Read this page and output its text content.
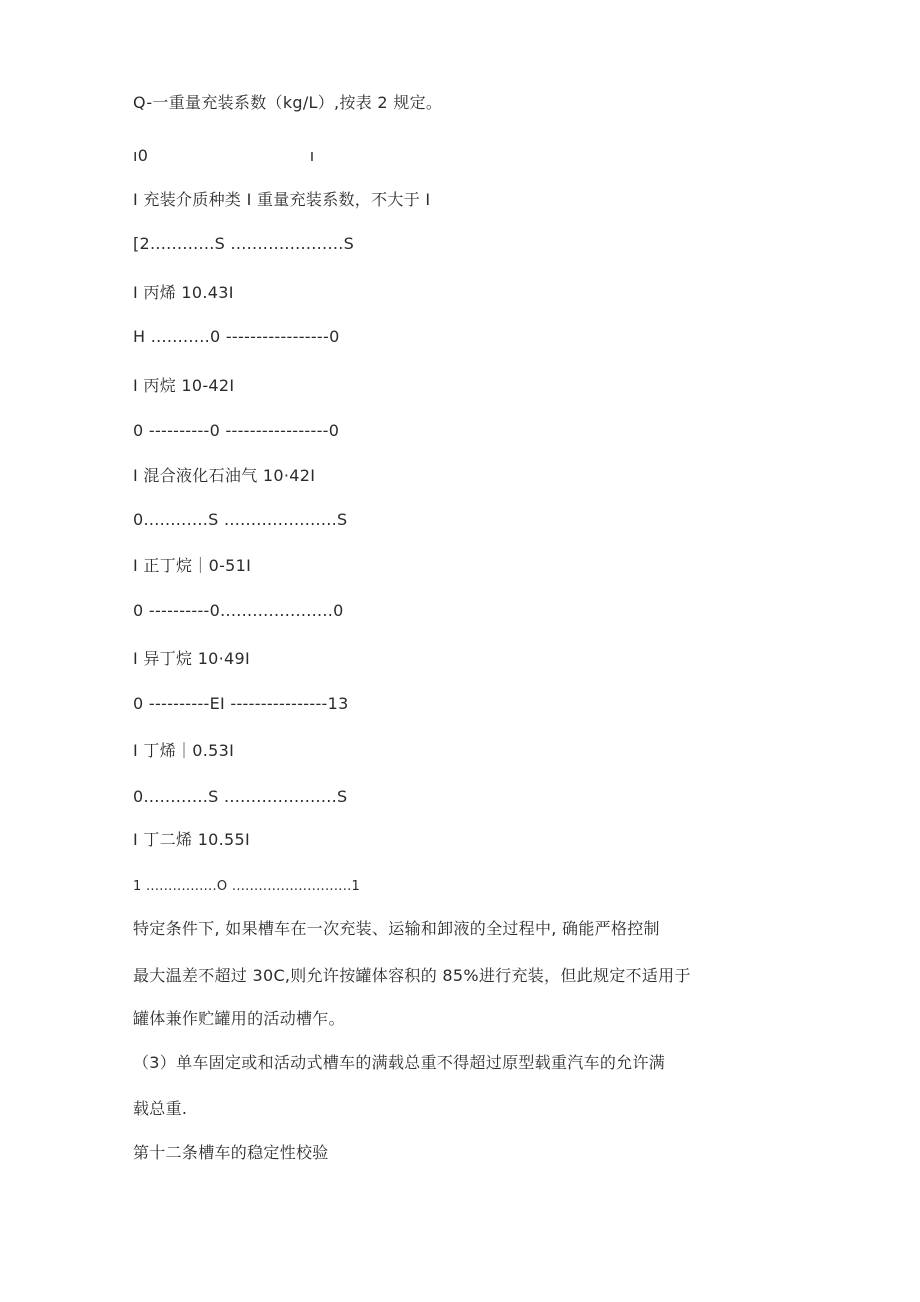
Q-一重量充装系数（kg/L）,按表 2 规定。

ı0                              ı

I 充装介质种类 I 重量充装系数，不大于 I

[2............S .....................S

I 丙烯 10.43I

H ...........0 -----------------0

I 丙烷 10-42I

0 ----------0 -----------------0

I 混合液化石油气 10·42I

0............S .....................S

I 正丁烷｜0-51I

0 ----------0.....................0

I 异丁烷 10·49I

0 ----------EI ----------------13

I 丁烯｜0.53I

0............S .....................S

I 丁二烯 10.55I

1 ................O ...........................1

特定条件下, 如果槽车在一次充装、运输和卸液的全过程中, 确能严格控制

最大温差不超过 30C,则允许按罐体容积的 85%进行充装，但此规定不适用于

罐体兼作贮罐用的活动槽乍。

（3）单车固定或和活动式槽车的满载总重不得超过原型载重汽车的允许满

载总重.

第十二条槽车的稳定性校验
